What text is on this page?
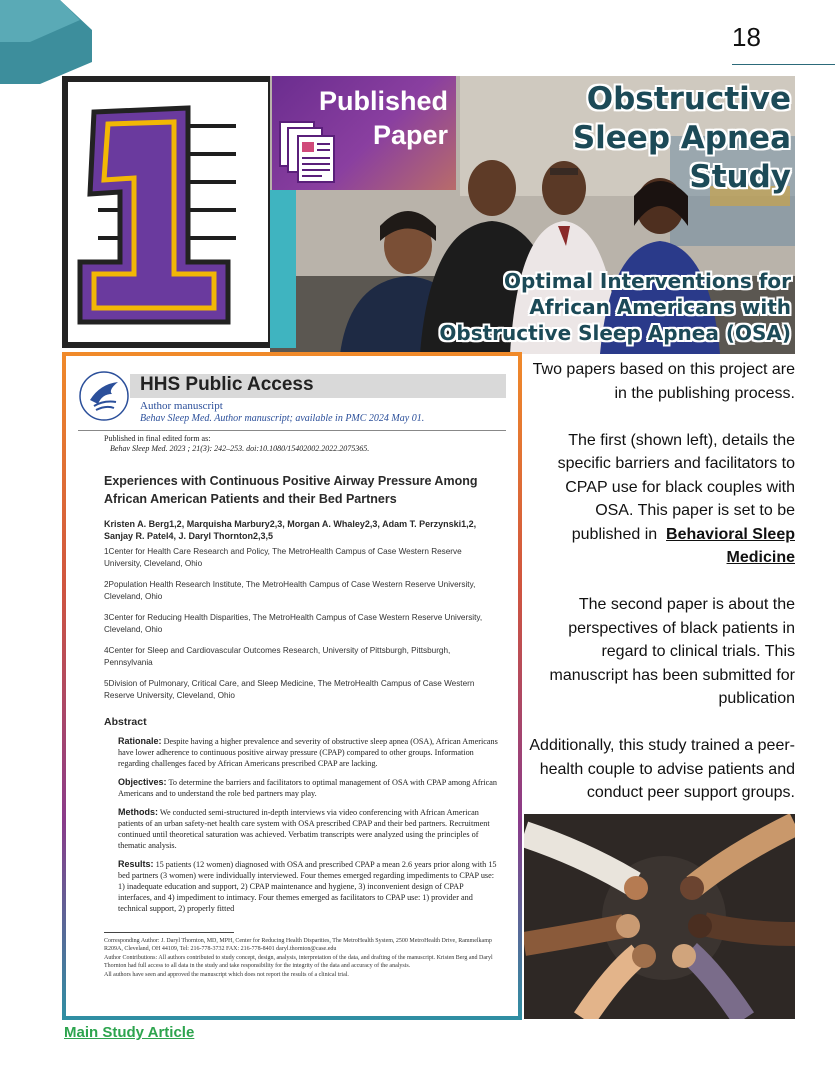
18
1
Published
Paper
Obstructive
Sleep Apnea
Study
Optimal Interventions for
African Americans with
Obstructive Sleep Apnea (OSA)
HHS Public Access
Author manuscript
Behav Sleep Med. Author manuscript; available in PMC 2024 May 01.
Published in final edited form as:
Behav Sleep Med. 2023 ; 21(3): 242–253. doi:10.1080/15402002.2022.2075365.
Experiences with Continuous Positive Airway Pressure Among African American Patients and their Bed Partners
Kristen A. Berg1,2, Marquisha Marbury2,3, Morgan A. Whaley2,3, Adam T. Perzynski1,2, Sanjay R. Patel4, J. Daryl Thornton2,3,5
1Center for Health Care Research and Policy, The MetroHealth Campus of Case Western Reserve University, Cleveland, Ohio
2Population Health Research Institute, The MetroHealth Campus of Case Western Reserve University, Cleveland, Ohio
3Center for Reducing Health Disparities, The MetroHealth Campus of Case Western Reserve University, Cleveland, Ohio
4Center for Sleep and Cardiovascular Outcomes Research, University of Pittsburgh, Pittsburgh, Pennsylvania
5Division of Pulmonary, Critical Care, and Sleep Medicine, The MetroHealth Campus of Case Western Reserve University, Cleveland, Ohio
Abstract
Rationale: Despite having a higher prevalence and severity of obstructive sleep apnea (OSA), African Americans have lower adherence to continuous positive airway pressure (CPAP) compared to other groups. Information regarding challenges faced by African Americans prescribed CPAP are lacking.
Objectives: To determine the barriers and facilitators to optimal management of OSA with CPAP among African Americans and to understand the role bed partners may play.
Methods: We conducted semi-structured in-depth interviews via video conferencing with African American patients of an urban safety-net health care system with OSA prescribed CPAP and their bed partners. Recruitment continued until theoretical saturation was achieved. Verbatim transcripts were analyzed using the principles of thematic analysis.
Results: 15 patients (12 women) diagnosed with OSA and prescribed CPAP a mean 2.6 years prior along with 15 bed partners (3 women) were individually interviewed. Four themes emerged regarding impediments to CPAP use: 1) inadequate education and support, 2) CPAP maintenance and hygiene, 3) inconvenient design of CPAP interfaces, and 4) impediment to intimacy. Four themes emerged as facilitators to CPAP use: 1) provider and technical support, 2) properly fitted

Corresponding Author: J. Daryl Thornton, MD, MPH, Center for Reducing Health Disparities, The MetroHealth System, 2500 MetroHealth Drive, Rammelkamp R209A, Cleveland, OH 44109, Tel: 216-778-3732 FAX: 216-778-8401 daryl.thornton@case.edu

Author Contributions: All authors contributed to study concept, design, analysis, interpretation of the data, and drafting of the manuscript. Kristen Berg and Daryl Thornton had full access to all data in the study and take responsibility for the integrity of the data and accuracy of the analysis.

All authors have seen and approved the manuscript which does not report the results of a clinical trial.

Two papers based on this project are in the publishing process.

The first (shown left), details the specific barriers and facilitators to CPAP use for black couples with OSA. This paper is set to be published in Behavioral Sleep Medicine

The second paper is about the perspectives of black patients in regard to clinical trials. This manuscript has been submitted for publication

Additionally, this study trained a peer-health couple to advise patients and conduct peer support groups.

Main Study Article
